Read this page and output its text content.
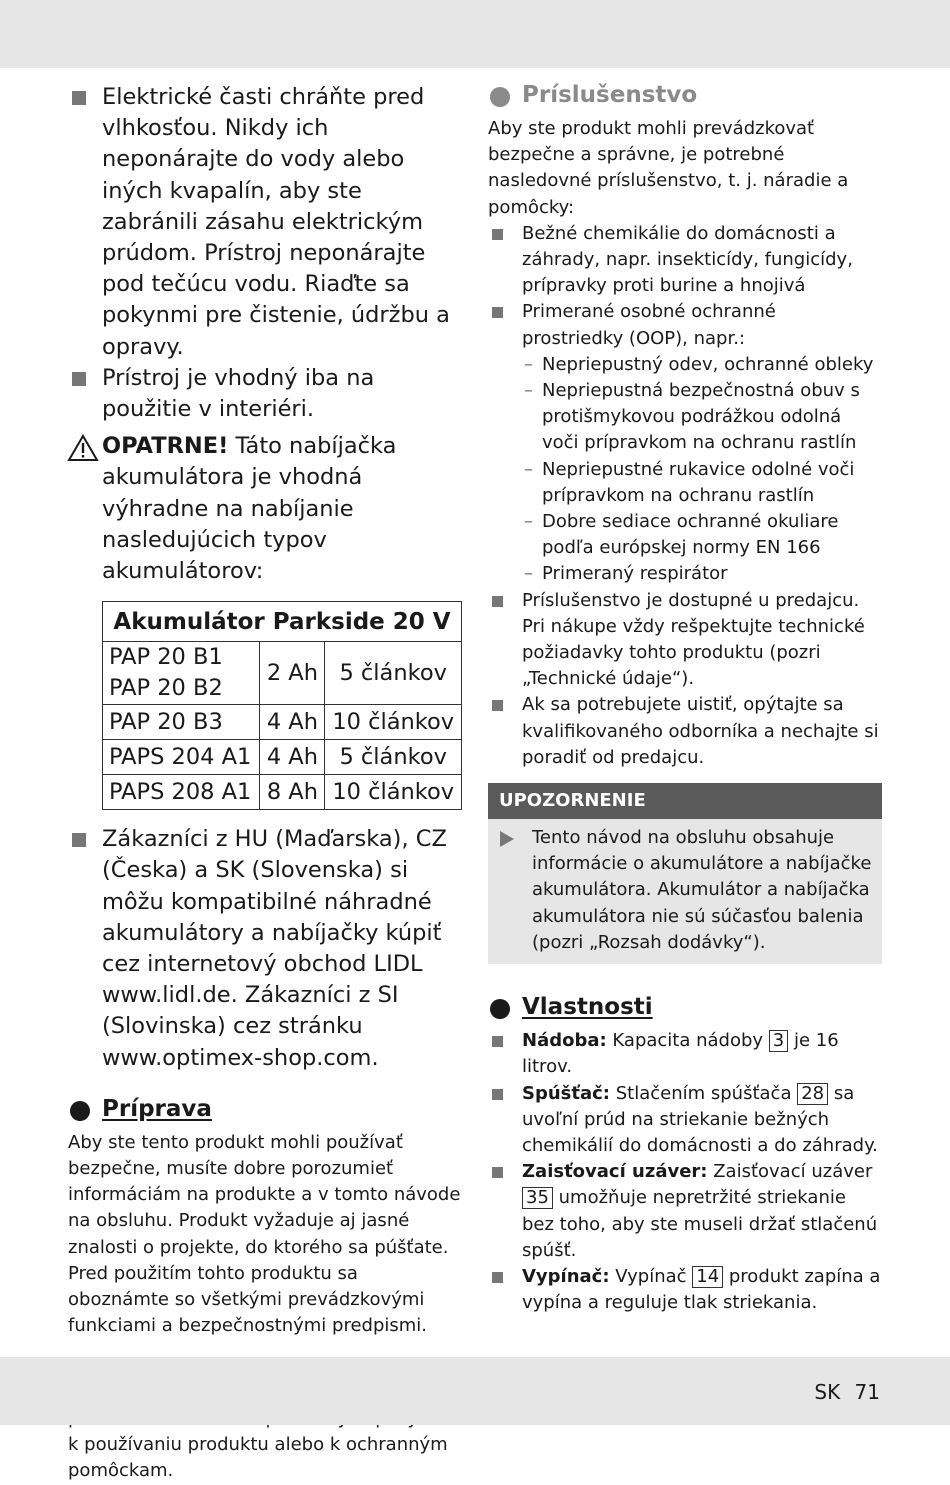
Elektrické časti chráňte pred vlhkosťou. Nikdy ich neponárajte do vody alebo iných kvapalín, aby ste zabránili zásahu elektrickým prúdom. Prístroj neponárajte pod tečúcu vodu. Riaďte sa pokynmi pre čistenie, údržbu a opravy.
Prístroj je vhodný iba na použitie v interiéri.
OPATRNE! Táto nabíjačka akumulátora je vhodná výhradne na nabíjanie nasledujúcich typov akumulátorov:
Akumulátor Parkside 20 V		

PAP 20 B1
PAP 20 B2	2 Ah	5 článkov
PAP 20 B3	4 Ah	10 článkov
PAPS 204 A1	4 Ah	5 článkov
PAPS 208 A1	8 Ah	10 článkov
Zákazníci z HU (Maďarska), CZ (Česka) a SK (Slovenska) si môžu kompatibilné náhradné akumulátory a nabíjačky kúpiť cez internetový obchod LIDL www.lidl.de. Zákazníci z SI (Slovinska) cez stránku www.optimex-shop.com.
Príprava

Aby ste tento produkt mohli používať bezpečne, musíte dobre porozumieť informáciám na produkte a v tomto návode na obsluhu. Produkt vyžaduje aj jasné znalosti o projekte, do ktorého sa púšťate. Pred použitím tohto produktu sa oboznámte so všetkými prevádzkovými funkciami a bezpečnostnými predpismi.

k používaniu produktu alebo k ochranným pomôckam.

Príslušenstvo

Aby ste produkt mohli prevádzkovať bezpečne a správne, je potrebné nasledovné príslušenstvo, t. j. náradie a pomôcky:

Bežné chemikálie do domácnosti a záhrady, napr. insekticídy, fungicídy, prípravky proti burine a hnojivá
Primerané osobné ochranné prostriedky (OOP), napr.:
– Nepriepustný odev, ochranné obleky
– Nepriepustná bezpečnostná obuv s protišmykovou podrážkou odolná voči prípravkom na ochranu rastlín
– Nepriepustné rukavice odolné voči prípravkom na ochranu rastlín
– Dobre sediace ochranné okuliare podľa európskej normy EN 166
– Primeraný respirátor
Príslušenstvo je dostupné u predajcu. Pri nákupe vždy rešpektujte technické požiadavky tohto produktu (pozri „Technické údaje“).
Ak sa potrebujete uistiť, opýtajte sa kvalifikovaného odborníka a nechajte si poradiť od predajcu.
UPOZORNENIE
Tento návod na obsluhu obsahuje informácie o akumulátore a nabíjačke akumulátora. Akumulátor a nabíjačka akumulátora nie sú súčasťou balenia (pozri „Rozsah dodávky“).
Vlastnosti
Nádoba: Kapacita nádoby 3 je 16 litrov.
Spúšťač: Stlačením spúšťača 28 sa uvoľní prúd na striekanie bežných chemikálií do domácnosti a do záhrady.
Zaisťovací uzáver: Zaisťovací uzáver 35 umožňuje nepretržité striekanie bez toho, aby ste museli držať stlačenú spúšť.
Vypínač: Vypínač 14 produkt zapína a vypína a reguluje tlak striekania.
SK 71
